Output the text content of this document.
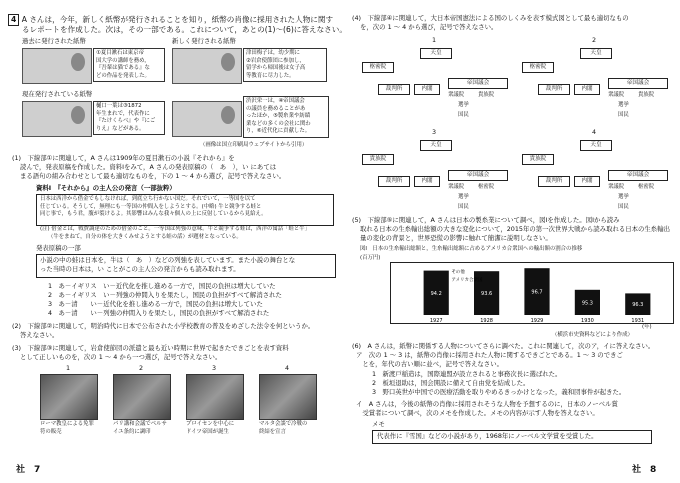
4 A さんは，今年，新しく紙幣が発行されることを知り，紙幣の肖像に採用された人物に関す
るレポートを作成した。次は，その一部である。これについて，あとの(1)～(6)に答えなさい。
過去に発行された紙幣	新しく発行される紙幣
①夏目漱石は東京帝
国大学の講師を務め，
『吾輩は猫である』な
どの作品を発表した。
津田梅子は，幼少期に
②岩倉使節団に参加し，
留学から帰国後は女子高
等教育に尽力した。
現在発行されている紙幣
樋口一葉は③1872
年生まれで，代表作に
『たけくらべ』や『にご
りえ』などがある。
渋沢栄一は，④帝国議会
の議員を務めることがあ
ったほか，⑤製糸業や紡績
業などの多くの会社に関わ
り，⑥近代化に貢献した。
（画像は国立印刷局ウェブサイトから引用）
(1)　下線部①に関連して，A さんは1909年の夏目漱石の小説『それから』を
読んで，発表原稿を作成した。資料Ⅰをみて，A さんの発表原稿の（　あ　），い にあては
まる語句の組み合わせとして最も適切なものを，下の 1 ～ 4 から選び，記号で答えなさい。
資料Ⅰ　『それから』の主人公の発言（一部抜粋）
日本は西洋から借金でもしなければ，到底立ち行かない国だ。それでいて，一等国を以て
任じている。そうして，無理にも一等国の仲間入をしようとする。(中略) 牛と競争する蛙と
同じ事で，もう君，腹が裂けるよ。其影響はみんな我々個人の上に反射しているから見給え。
(注) 借金とは，戦費調達のための借金のこと。一等国は列強の意味。牛と競争する蛙は，西洋の寓話「蛙と牛」
（牛をまねて，自分の体を大きくみせようとする蛙の話）が題材となっている。
発表原稿の一部
小説の中の蛙は日本を，牛は（　あ　）などの列強を表しています。また小説の舞台とな
った当時の日本は，い ことがこの主人公の発言からも読み取れます。
1　 あ－イギリス　 い－近代化を推し進める一方で，国民の負担は増大していた
2　 あ－イギリス　 い－列強の仲間入りを果たし，国民の負担がすべて解消された
3　 あ－清　　 い－近代化を推し進める一方で，国民の負担は増大していた
4　 あ－清　　 い－列強の仲間入りを果たし，国民の負担がすべて解消された
(2)　下線部②に関連して，明治時代に日本で公布された小学校教育の普及をめざした法令を何というか。
答えなさい。
(3)　下線部③に関連して，岩倉使節団の派遣と最も近い時期に世界で起きたできごとを表す資料
として正しいものを，次の 1 ～ 4 から一つ選び，記号で答えなさい。
1	2	3	4
ローマ教皇による免罪
符の販売
パリ講和会議でベルサ
イユ条約に調印
プロイセンを中心に
ドイツ帝国が誕生
マルタ会談で冷戦の
終結を宣言
社　7
(4)　下線部④に関連して，大日本帝国憲法による国のしくみを表す模式図として最も適切なもの
を，次の 1 ～ 4 から選び，記号で答えなさい。
1
天皇
枢密院
裁判所	内閣
帝国議会
衆議院	貴族院
選挙
国民
2
天皇
枢密院
裁判所	内閣
帝国議会
衆議院	貴族院
選挙
国民
3
天皇
貴族院
裁判所	内閣
帝国議会
衆議院	枢密院
選挙
国民
4
天皇
貴族院
裁判所	内閣
帝国議会
衆議院	枢密院
選挙
国民
(5)　下線部⑤に関連して，A さんは日本の製糸業について調べ，図Ⅰを作成した。図Ⅰから読み
取れる日本の生糸輸出総額の大きな変化について，2015年の第一次世界大戦から読み取れる日本の生糸輸出
量の変化の背景と，世界恐慌の影響に触れて簡潔に説明しなさい。
図Ⅰ　日本の生糸輸出総額と，生糸輸出総額に占めるアメリカ合衆国への輸出額の割合の推移
(百万円)
94.2
1927
93.6
1928
96.7
1929
95.3
1930
96.3
1931
その他
アメリカ合衆国
(年)
（横浜市史資料などにより作成）
(6)　A さんは，紙幣に関係する人物についてさらに調べた。これに関連して，次のア，イに答えなさい。
ア　次の 1 ～ 3 は，紙幣の肖像に採用された人物に関するできごとである。1 ～ 3 のできご
　とを，年代の古い順に並べ，記号で答えなさい。
1　新渡戸稲造は，国際連盟が設立されると事務次長に選ばれた。
2　板垣退助は，国会開設に備えて自由党を結成した。
3　野口英世が中国での医療活動を取りやめるきっかけとなった，義和団事件が起きた。
イ　A さんは，今後の紙幣の肖像に採用されそうな人物を予想するのに，日本のノーベル賞
　受賞者について調べ，次のメモを作成した。メモの内容が示す人物を答えなさい。
メモ
代表作に『雪国』などの小説があり，1968年にノーベル文学賞を受賞した。
社　8
